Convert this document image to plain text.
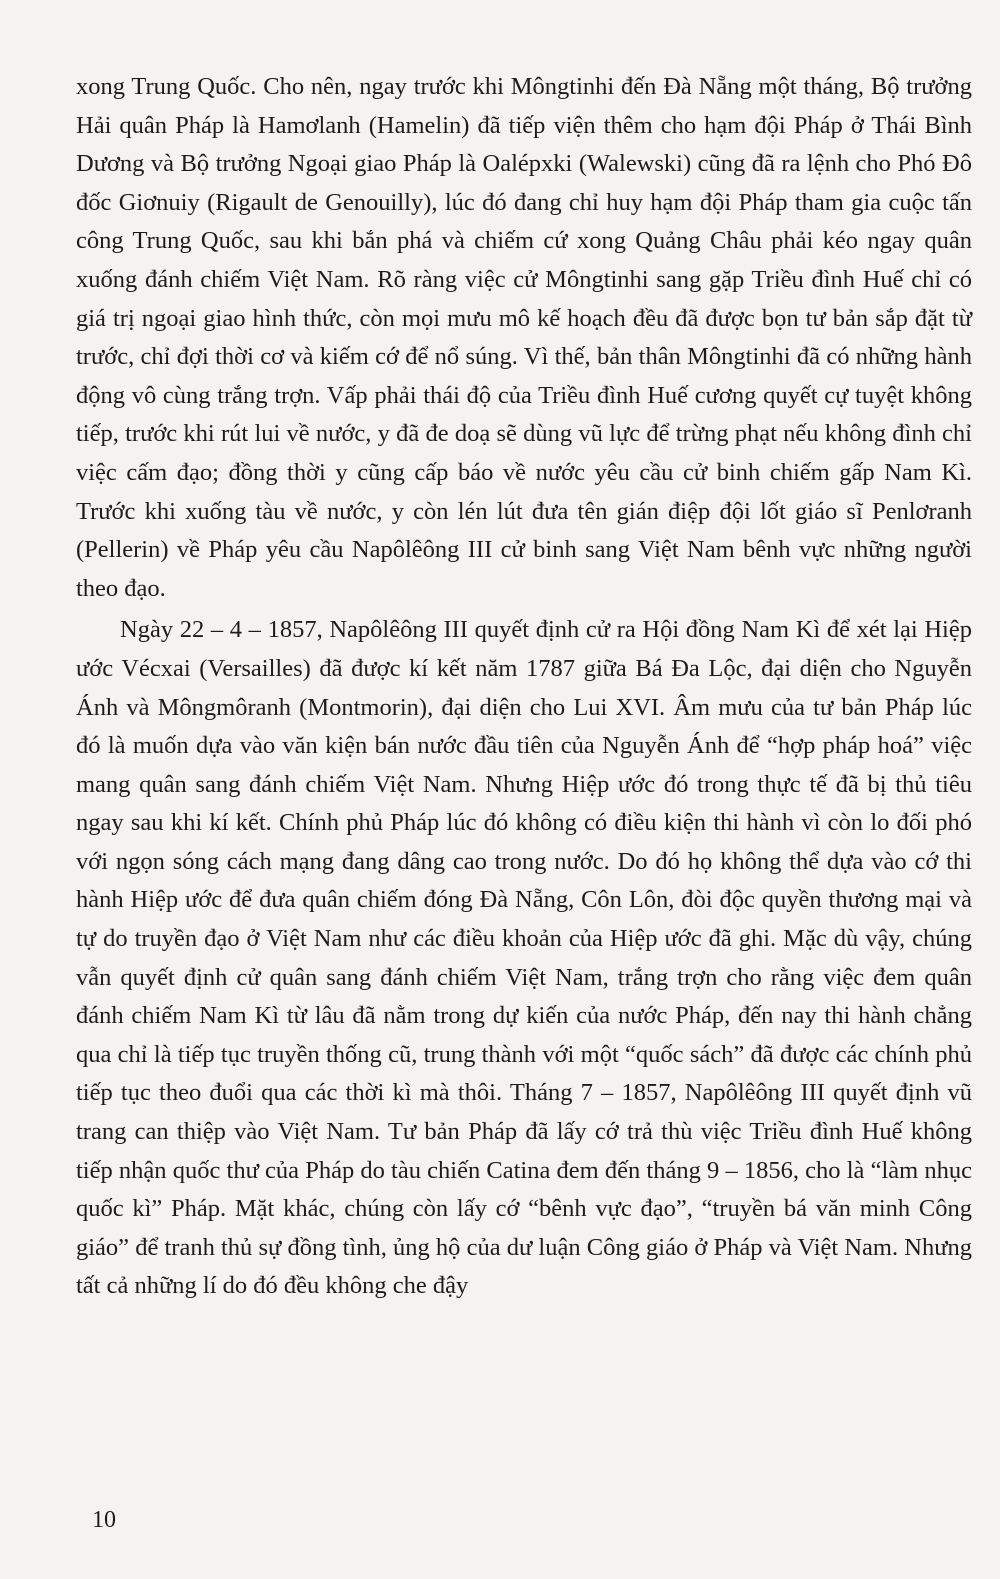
xong Trung Quốc. Cho nên, ngay trước khi Môngtinhi đến Đà Nẵng một tháng, Bộ trưởng Hải quân Pháp là Hamơlanh (Hamelin) đã tiếp viện thêm cho hạm đội Pháp ở Thái Bình Dương và Bộ trưởng Ngoại giao Pháp là Oalépxki (Walewski) cũng đã ra lệnh cho Phó Đô đốc Giơnuiy (Rigault de Genouilly), lúc đó đang chỉ huy hạm đội Pháp tham gia cuộc tấn công Trung Quốc, sau khi bắn phá và chiếm cứ xong Quảng Châu phải kéo ngay quân xuống đánh chiếm Việt Nam. Rõ ràng việc cử Môngtinhi sang gặp Triều đình Huế chỉ có giá trị ngoại giao hình thức, còn mọi mưu mô kế hoạch đều đã được bọn tư bản sắp đặt từ trước, chỉ đợi thời cơ và kiếm cớ để nổ súng. Vì thế, bản thân Môngtinhi đã có những hành động vô cùng trắng trợn. Vấp phải thái độ của Triều đình Huế cương quyết cự tuyệt không tiếp, trước khi rút lui về nước, y đã đe doạ sẽ dùng vũ lực để trừng phạt nếu không đình chỉ việc cấm đạo; đồng thời y cũng cấp báo về nước yêu cầu cử binh chiếm gấp Nam Kì. Trước khi xuống tàu về nước, y còn lén lút đưa tên gián điệp đội lốt giáo sĩ Penlơranh (Pellerin) về Pháp yêu cầu Napôlêông III cử binh sang Việt Nam bênh vực những người theo đạo.

Ngày 22 – 4 – 1857, Napôlêông III quyết định cử ra Hội đồng Nam Kì để xét lại Hiệp ước Vécxai (Versailles) đã được kí kết năm 1787 giữa Bá Đa Lộc, đại diện cho Nguyễn Ánh và Môngmôranh (Montmorin), đại diện cho Lui XVI. Âm mưu của tư bản Pháp lúc đó là muốn dựa vào văn kiện bán nước đầu tiên của Nguyễn Ánh để “hợp pháp hoá” việc mang quân sang đánh chiếm Việt Nam. Nhưng Hiệp ước đó trong thực tế đã bị thủ tiêu ngay sau khi kí kết. Chính phủ Pháp lúc đó không có điều kiện thi hành vì còn lo đối phó với ngọn sóng cách mạng đang dâng cao trong nước. Do đó họ không thể dựa vào cớ thi hành Hiệp ước để đưa quân chiếm đóng Đà Nẵng, Côn Lôn, đòi độc quyền thương mại và tự do truyền đạo ở Việt Nam như các điều khoản của Hiệp ước đã ghi. Mặc dù vậy, chúng vẫn quyết định cử quân sang đánh chiếm Việt Nam, trắng trợn cho rằng việc đem quân đánh chiếm Nam Kì từ lâu đã nằm trong dự kiến của nước Pháp, đến nay thi hành chẳng qua chỉ là tiếp tục truyền thống cũ, trung thành với một “quốc sách” đã được các chính phủ tiếp tục theo đuổi qua các thời kì mà thôi. Tháng 7 – 1857, Napôlêông III quyết định vũ trang can thiệp vào Việt Nam. Tư bản Pháp đã lấy cớ trả thù việc Triều đình Huế không tiếp nhận quốc thư của Pháp do tàu chiến Catina đem đến tháng 9 – 1856, cho là “làm nhục quốc kì” Pháp. Mặt khác, chúng còn lấy cớ “bênh vực đạo”, “truyền bá văn minh Công giáo” để tranh thủ sự đồng tình, ủng hộ của dư luận Công giáo ở Pháp và Việt Nam. Nhưng tất cả những lí do đó đều không che đậy

10
